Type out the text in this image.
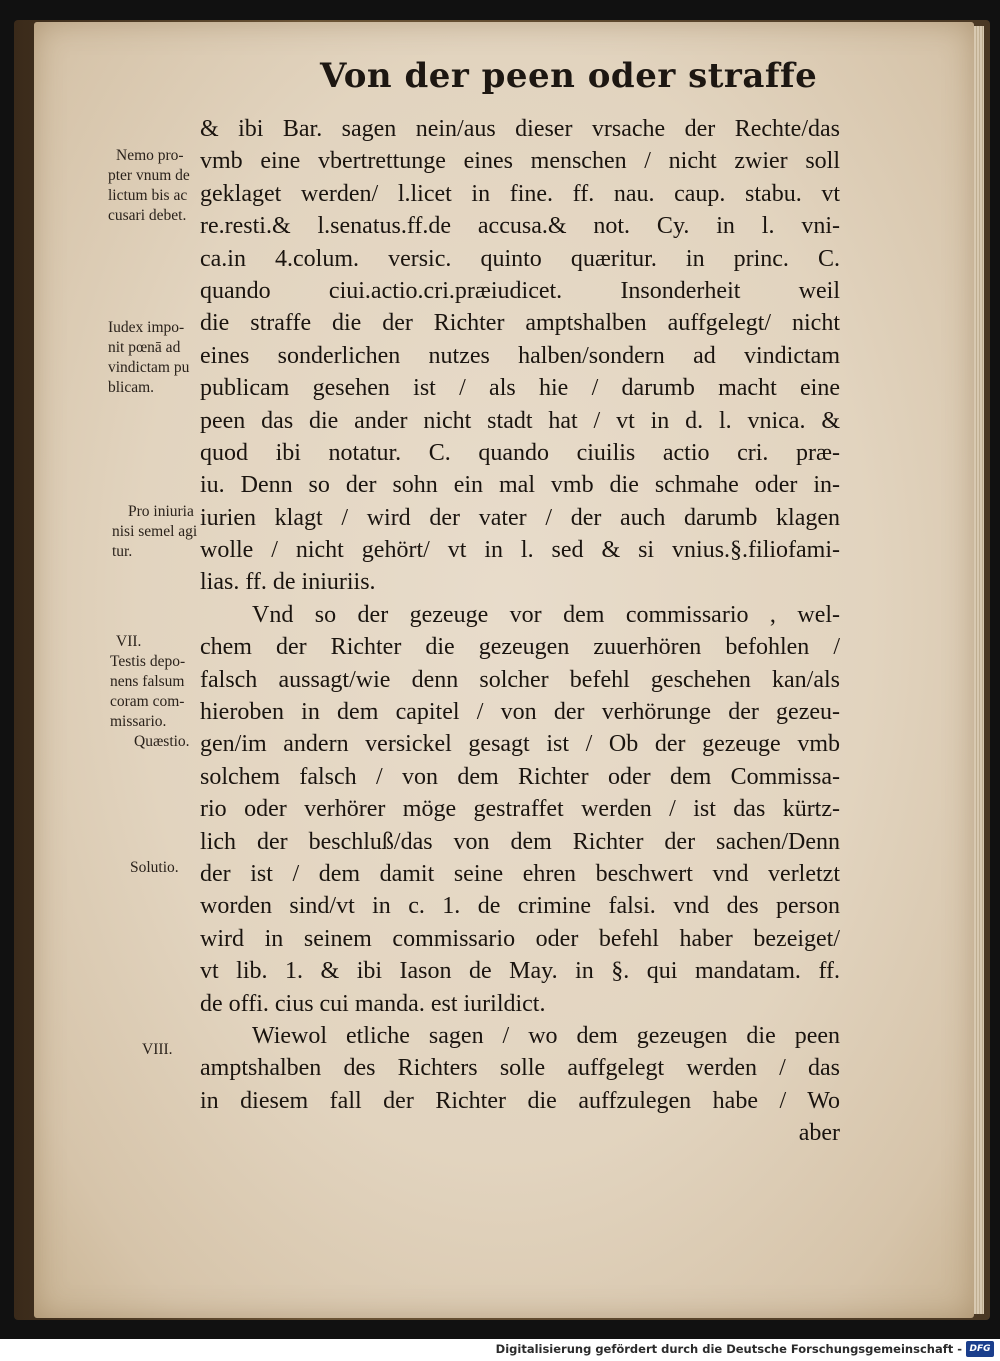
Von der peen oder straffe
Nemo pro-
pter vnum de
lictum bis ac
cusari debet.
Iudex impo-
nit pœnā ad
vindictam pu
blicam.
Pro iniuria
nisi semel agi
tur.
VII.
Testis depo-
nens falsum
coram com-
missario.
Quæstio.
Solutio.
VIII.
& ibi Bar. sagen nein/aus dieser vrsache der Rechte/das
vmb eine vbertrettunge eines menschen / nicht zwier soll
geklaget werden/ l.licet in fine. ff. nau. caup. stabu. vt
re.resti.& l.senatus.ff.de accusa.& not. Cy. in l. vni-
ca.in 4.colum. versic. quinto quæritur. in princ. C.
quando ciui.actio.cri.præiudicet. Insonderheit weil
die straffe die der Richter amptshalben auffgelegt/ nicht
eines sonderlichen nutzes halben/sondern ad vindictam
publicam gesehen ist / als hie / darumb macht eine
peen das die ander nicht stadt hat / vt in d. l. vnica. &
quod ibi notatur. C. quando ciuilis actio cri. præ-
iu. Denn so der sohn ein mal vmb die schmahe oder in-
iurien klagt / wird der vater / der auch darumb klagen
wolle / nicht gehört/ vt in l. sed & si vnius.§.filiofami-
lias. ff. de iniuriis.
Vnd so der gezeuge vor dem commissario , wel-
chem der Richter die gezeugen zuuerhören befohlen /
falsch aussagt/wie denn solcher befehl geschehen kan/als
hieroben in dem capitel / von der verhörunge der gezeu-
gen/im andern versickel gesagt ist / Ob der gezeuge vmb
solchem falsch / von dem Richter oder dem Commissa-
rio oder verhörer möge gestraffet werden / ist das kürtz-
lich der beschluß/das von dem Richter der sachen/Denn
der ist / dem damit seine ehren beschwert vnd verletzt
worden sind/vt in c. 1. de crimine falsi. vnd des person
wird in seinem commissario oder befehl haber bezeiget/
vt lib. 1. & ibi Iason de May. in §. qui mandatam. ff.
de offi. cius cui manda. est iurildict.
Wiewol etliche sagen / wo dem gezeugen die peen
amptshalben des Richters solle auffgelegt werden / das
in diesem fall der Richter die auffzulegen habe / Wo
aber
Digitalisierung gefördert durch die Deutsche Forschungsgemeinschaft - DFG
